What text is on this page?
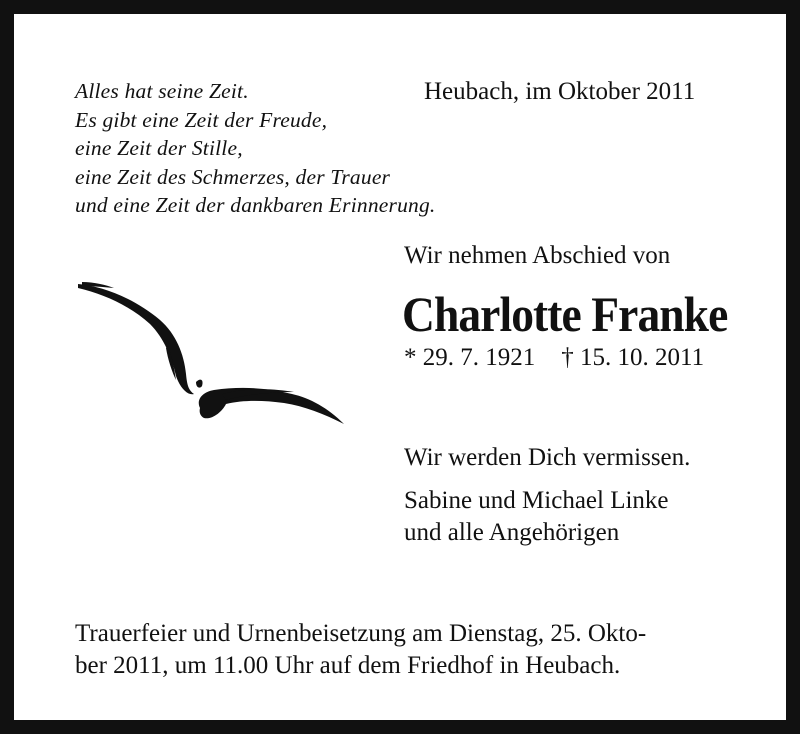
Alles hat seine Zeit.
Es gibt eine Zeit der Freude,
eine Zeit der Stille,
eine Zeit des Schmerzes, der Trauer
und eine Zeit der dankbaren Erinnerung.
Heubach, im Oktober 2011
Wir nehmen Abschied von
Charlotte Franke
* 29. 7. 1921 † 15. 10. 2011
Wir werden Dich vermissen.
Sabine und Michael Linke
und alle Angehörigen
Trauerfeier und Urnenbeisetzung am Dienstag, 25. Okto-
ber 2011, um 11.00 Uhr auf dem Friedhof in Heubach.
